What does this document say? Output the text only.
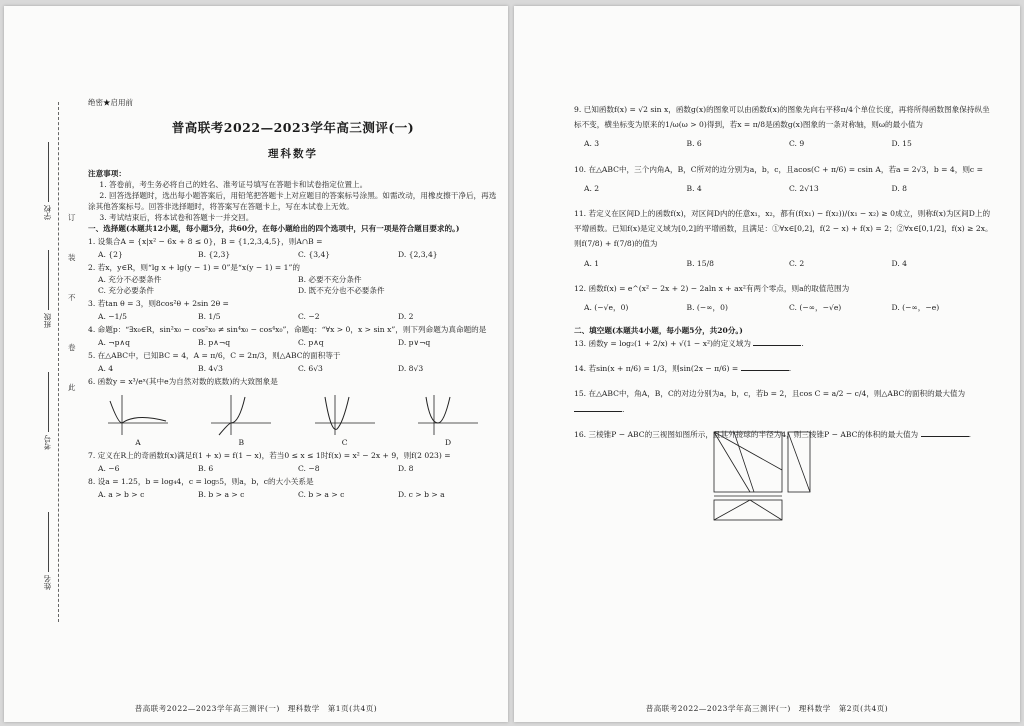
学校
班级
考号
姓名
订
装
不
卷
此
绝密★启用前
普高联考2022—2023学年高三测评(一)
理科数学
注意事项：
1. 答卷前，考生务必将自己的姓名、准考证号填写在答题卡和试卷指定位置上。
2. 回答选择题时，选出每小题答案后，用铅笔把答题卡上对应题目的答案标号涂黑。如需改动，用橡皮擦干净后，再选涂其他答案标号。回答非选择题时，将答案写在答题卡上，写在本试卷上无效。
3. 考试结束后，将本试卷和答题卡一并交回。
一、选择题(本题共12小题，每小题5分，共60分，在每小题给出的四个选项中，只有一项是符合题目要求的。)
1. 设集合A = {x|x² − 6x + 8 ≤ 0}，B = {1,2,3,4,5}，则A∩B =
A. {2}	B. {2,3}	C. {3,4}	D. {2,3,4}
2. 若x，y∈R，则“lg x + lg(y − 1) = 0”是“x(y − 1) = 1”的
A. 充分不必要条件	B. 必要不充分条件
C. 充分必要条件	D. 既不充分也不必要条件
3. 若tan θ = 3，则8cos²θ + 2sin 2θ =
A. −1/5	B. 1/5	C. −2	D. 2
4. 命题p：“∃x₀∈R，sin²x₀ − cos²x₀ ≠ sin⁴x₀ − cos⁴x₀”，命题q：“∀x > 0，x > sin x”，则下列命题为真命题的是
A. ¬p∧q	B. p∧¬q	C. p∧q	D. p∨¬q
5. 在△ABC中，已知BC = 4，A = π/6，C = 2π/3，则△ABC的面积等于
A. 4	B. 4√3	C. 6√3	D. 8√3
6. 函数y = x³/eˣ(其中e为自然对数的底数)的大致图象是
A	B	C	D
7. 定义在R上的奇函数f(x)满足f(1 + x) = f(1 − x)，若当0 ≤ x ≤ 1时f(x) = x² − 2x + 9，则f(2 023) =
A. −6	B. 6	C. −8	D. 8
8. 设a = 1.25，b = log₄4，c = log₅5，则a，b，c的大小关系是
A. a > b > c	B. b > a > c	C. b > a > c	D. c > b > a
普高联考2022—2023学年高三测评(一)　理科数学　第1页(共4页)
9. 已知函数f(x) = √2 sin x，函数g(x)的图象可以由函数f(x)的图象先向右平移π/4个单位长度，再将所得函数图象保持纵坐标不变，横坐标变为原来的1/ω(ω > 0)得到，若x = π/8是函数g(x)图象的一条对称轴，则ω的最小值为
A. 3	B. 6	C. 9	D. 15
10. 在△ABC中，三个内角A，B，C所对的边分别为a，b，c，且acos(C + π/6) = csin A，若a = 2√3，b = 4，则c =
A. 2	B. 4	C. 2√13	D. 8
11. 若定义在区间D上的函数f(x)，对区间D内的任意x₁，x₂，都有(f(x₁) − f(x₂))/(x₁ − x₂) ≥ 0成立，则称f(x)为区间D上的平增函数。已知f(x)是定义域为[0,2]的平增函数，且满足：①∀x∈[0,2]，f(2 − x) + f(x) = 2；②∀x∈[0,1/2]，f(x) ≥ 2x。则f(7/8) + f(7/8)的值为
A. 1	B. 15/8	C. 2	D. 4
12. 函数f(x) = e^(x² − 2x + 2) − 2aln x + ax²有两个零点，则a的取值范围为
A. (−√e，0)	B. (−∞，0)	C. (−∞，−√e)	D. (−∞，−e)
二、填空题(本题共4小题，每小题5分，共20分。)
13. 函数y = log₂(1 + 2/x) + √(1 − x²)的定义域为	.
14. 若sin(x + π/6) = 1/3，则sin(2x − π/6) =	.
15. 在△ABC中，角A，B，C的对边分别为a，b，c，若b = 2，且cos C = a/2 − c/4，则△ABC的面积的最大值为 .
16. 三棱锥P − ABC的三视图如图所示，且其外接球的半径为4，则三棱锥P − ABC的体积的最大值为	.
普高联考2022—2023学年高三测评(一)　理科数学　第2页(共4页)
